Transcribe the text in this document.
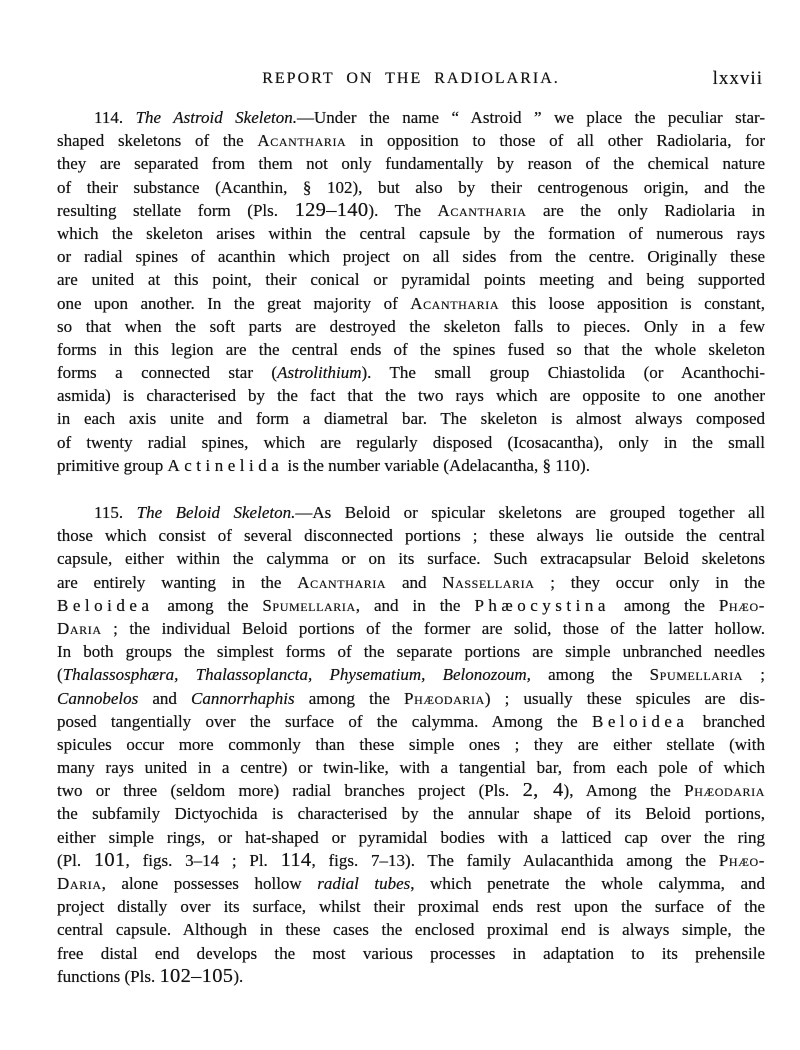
REPORT ON THE RADIOLARIA.	lxxvii
114. The Astroid Skeleton.—Under the name “ Astroid ” we place the peculiar star-
shaped skeletons of the Acantharia in opposition to those of all other Radiolaria, for
they are separated from them not only fundamentally by reason of the chemical nature
of their substance (Acanthin, § 102), but also by their centrogenous origin, and the
resulting stellate form (Pls. 129–140). The Acantharia are the only Radiolaria in
which the skeleton arises within the central capsule by the formation of numerous rays
or radial spines of acanthin which project on all sides from the centre. Originally these
are united at this point, their conical or pyramidal points meeting and being supported
one upon another. In the great majority of Acantharia this loose apposition is constant,
so that when the soft parts are destroyed the skeleton falls to pieces. Only in a few
forms in this legion are the central ends of the spines fused so that the whole skeleton
forms a connected star (Astrolithium). The small group Chiastolida (or Acanthochi-
asmida) is characterised by the fact that the two rays which are opposite to one another
in each axis unite and form a diametral bar. The skeleton is almost always composed
of twenty radial spines, which are regularly disposed (Icosacantha), only in the small
primitive group Actinelida is the number variable (Adelacantha, § 110).
115. The Beloid Skeleton.—As Beloid or spicular skeletons are grouped together all
those which consist of several disconnected portions ; these always lie outside the central
capsule, either within the calymma or on its surface. Such extracapsular Beloid skeletons
are entirely wanting in the Acantharia and Nassellaria ; they occur only in the
Beloidea among the Spumellaria, and in the Phæocystina among the Phæo-
Daria ; the individual Beloid portions of the former are solid, those of the latter hollow.
In both groups the simplest forms of the separate portions are simple unbranched needles
(Thalassosphæra, Thalassoplancta, Physematium, Belonozoum, among the Spumellaria ;
Cannobelos and Cannorrhaphis among the Phæodaria) ; usually these spicules are dis-
posed tangentially over the surface of the calymma. Among the Beloidea branched
spicules occur more commonly than these simple ones ; they are either stellate (with
many rays united in a centre) or twin-like, with a tangential bar, from each pole of which
two or three (seldom more) radial branches project (Pls. 2, 4), Among the Phæodaria
the subfamily Dictyochida is characterised by the annular shape of its Beloid portions,
either simple rings, or hat-shaped or pyramidal bodies with a latticed cap over the ring
(Pl. 101, figs. 3–14 ; Pl. 114, figs. 7–13). The family Aulacanthida among the Phæo-
Daria, alone possesses hollow radial tubes, which penetrate the whole calymma, and
project distally over its surface, whilst their proximal ends rest upon the surface of the
central capsule. Although in these cases the enclosed proximal end is always simple, the
free distal end develops the most various processes in adaptation to its prehensile
functions (Pls. 102–105).
